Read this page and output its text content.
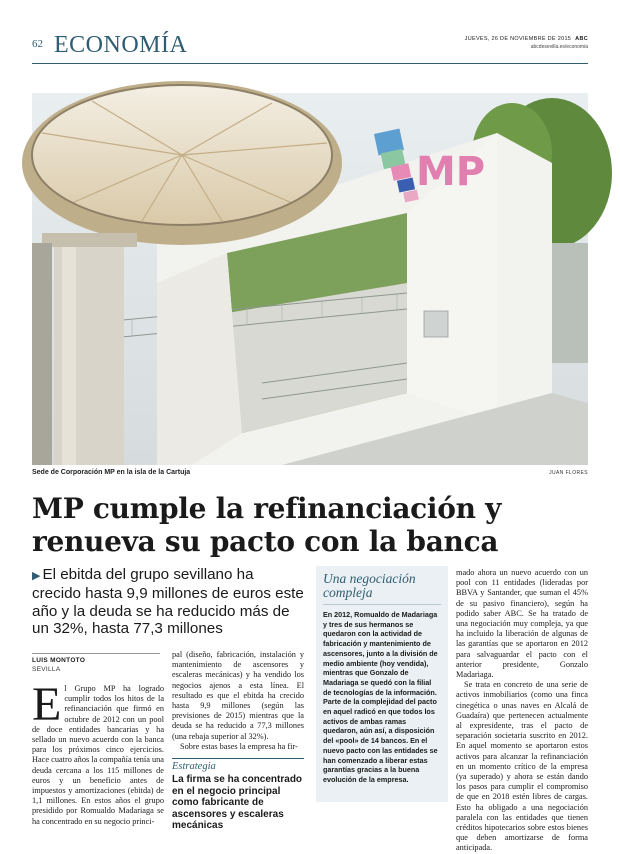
62 ECONOMÍA	JUEVES, 26 DE NOVIEMBRE DE 2015 ABC
abcdesevilla.es/economia
MP
Sede de Corporación MP en la isla de la Cartuja	JUAN FLORES
MP cumple la refinanciación y
renueva su pacto con la banca
▶ El ebitda del grupo sevillano ha crecido hasta 9,9 millones de euros este año y la deuda se ha reducido más de un 32%, hasta 77,3 millones
LUIS MONTOTO
SEVILLA
E l Grupo MP ha logrado cumplir todos los hitos de la refinanciación que firmó en octubre de 2012 con un pool de doce entidades bancarias y ha sellado un nuevo acuerdo con la banca para los próximos cinco ejercicios. Hace cuatro años la compañía tenía una deuda cercana a los 115 millones de euros y un beneficio antes de impuestos y amortizaciones (ebitda) de 1,1 millones. En estos años el grupo presidido por Romualdo Madariaga se ha concentrado en su negocio princi-

pal (diseño, fabricación, instalación y mantenimiento de ascensores y escaleras mecánicas) y ha vendido los negocios ajenos a esta línea. El resultado es que el ebitda ha crecido hasta 9,9 millones (según las previsiones de 2015) mientras que la deuda se ha reducido a 77,3 millones (una rebaja superior al 32%).

Sobre estas bases la empresa ha fir-

Estrategia
La firma se ha concentrado en el negocio principal como fabricante de ascensores y escaleras mecánicas
Una negociación compleja
En 2012, Romualdo de Madariaga y tres de sus hermanos se quedaron con la actividad de fabricación y mantenimiento de ascensores, junto a la división de medio ambiente (hoy vendida), mientras que Gonzalo de Madariaga se quedó con la filial de tecnologías de la información. Parte de la complejidad del pacto en aquel radicó en que todos los activos de ambas ramas quedaron, aún así, a disposición del «pool» de 14 bancos. En el nuevo pacto con las entidades se han comenzado a liberar estas garantías gracias a la buena evolución de la empresa.

mado ahora un nuevo acuerdo con un pool con 11 entidades (lideradas por BBVA y Santander, que suman el 45% de su pasivo financiero), según ha podido saber ABC. Se ha tratado de una negociación muy compleja, ya que ha incluido la liberación de algunas de las garantías que se aportaron en 2012 para salvaguardar el pacto con el anterior presidente, Gonzalo Madariaga.

Se trata en concreto de una serie de activos inmobiliarios (como una finca cinegética o unas naves en Alcalá de Guadaíra) que pertenecen actualmente al expresidente, tras el pacto de separación societaria suscrito en 2012. En aquel momento se aportaron estos activos para alcanzar la refinanciación en un momento crítico de la empresa (ya superado) y ahora se están dando los pasos para cumplir el compromiso de que en 2018 estén libres de cargas. Esto ha obligado a una negociación paralela con las entidades que tienen créditos hipotecarios sobre estos bienes que deben amortizarse de forma anticipada.
